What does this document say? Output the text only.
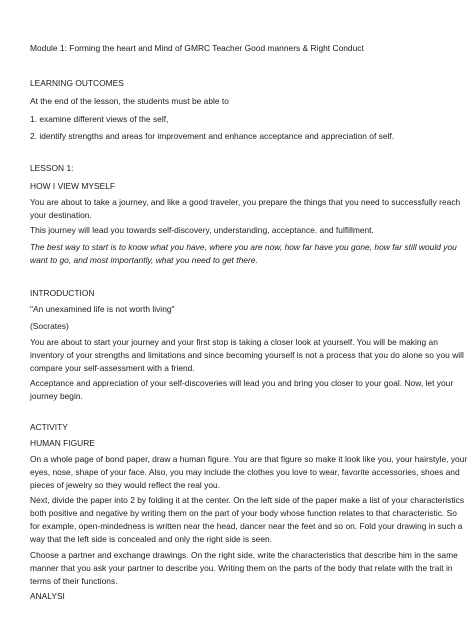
Module 1: Forming the heart and Mind of GMRC Teacher Good manners & Right Conduct
LEARNING OUTCOMES
At the end of the lesson, the students must be able to
1. examine different views of the self,
2. identify strengths and areas for improvement and enhance acceptance and appreciation of self.
LESSON 1:
HOW I VIEW MYSELF
You are about to take a journey, and like a good traveler, you prepare the things that you need to successfully reach
your destination.
This journey will lead you towards self-discovery, understanding, acceptance. and fulfillment.
The best way to start is to know what you have, where you are now, how far have you gone, how far still would you
want to go, and most importantly, what you need to get there.
INTRODUCTION
"An unexamined life is not worth living"
(Socrates)
You are about to start your journey and your first stop is taking a closer look at yourself. You will be making an
inventory of your strengths and limitations and since becoming yourself is not a process that you do alone so you will
compare your self-assessment with a friend.
Acceptance and appreciation of your self-discoveries will lead you and bring you closer to your goal. Now, let your
journey begin.
ACTIVITY
HUMAN FIGURE
On a whole page of bond paper, draw a human figure. You are that figure so make it look like you, your hairstyle, your
eyes, nose, shape of your face. Also, you may include the clothes you love to wear, favorite accessories, shoes and
pieces of jewelry so they would reflect the real you.
Next, divide the paper into 2 by folding it at the center. On the left side of the paper make a list of your characteristics
both positive and negative by writing them on the part of your body whose function relates to that characteristic. So
for example, open-mindedness is written near the head, dancer near the feet and so on. Fold your drawing in such a
way that the left side is concealed and only the right side is seen.
Choose a partner and exchange drawings. On the right side, write the characteristics that describe him in the same
manner that you ask your partner to describe you. Writing them on the parts of the body that relate with the trait in
terms of their functions.
ANALYSI
